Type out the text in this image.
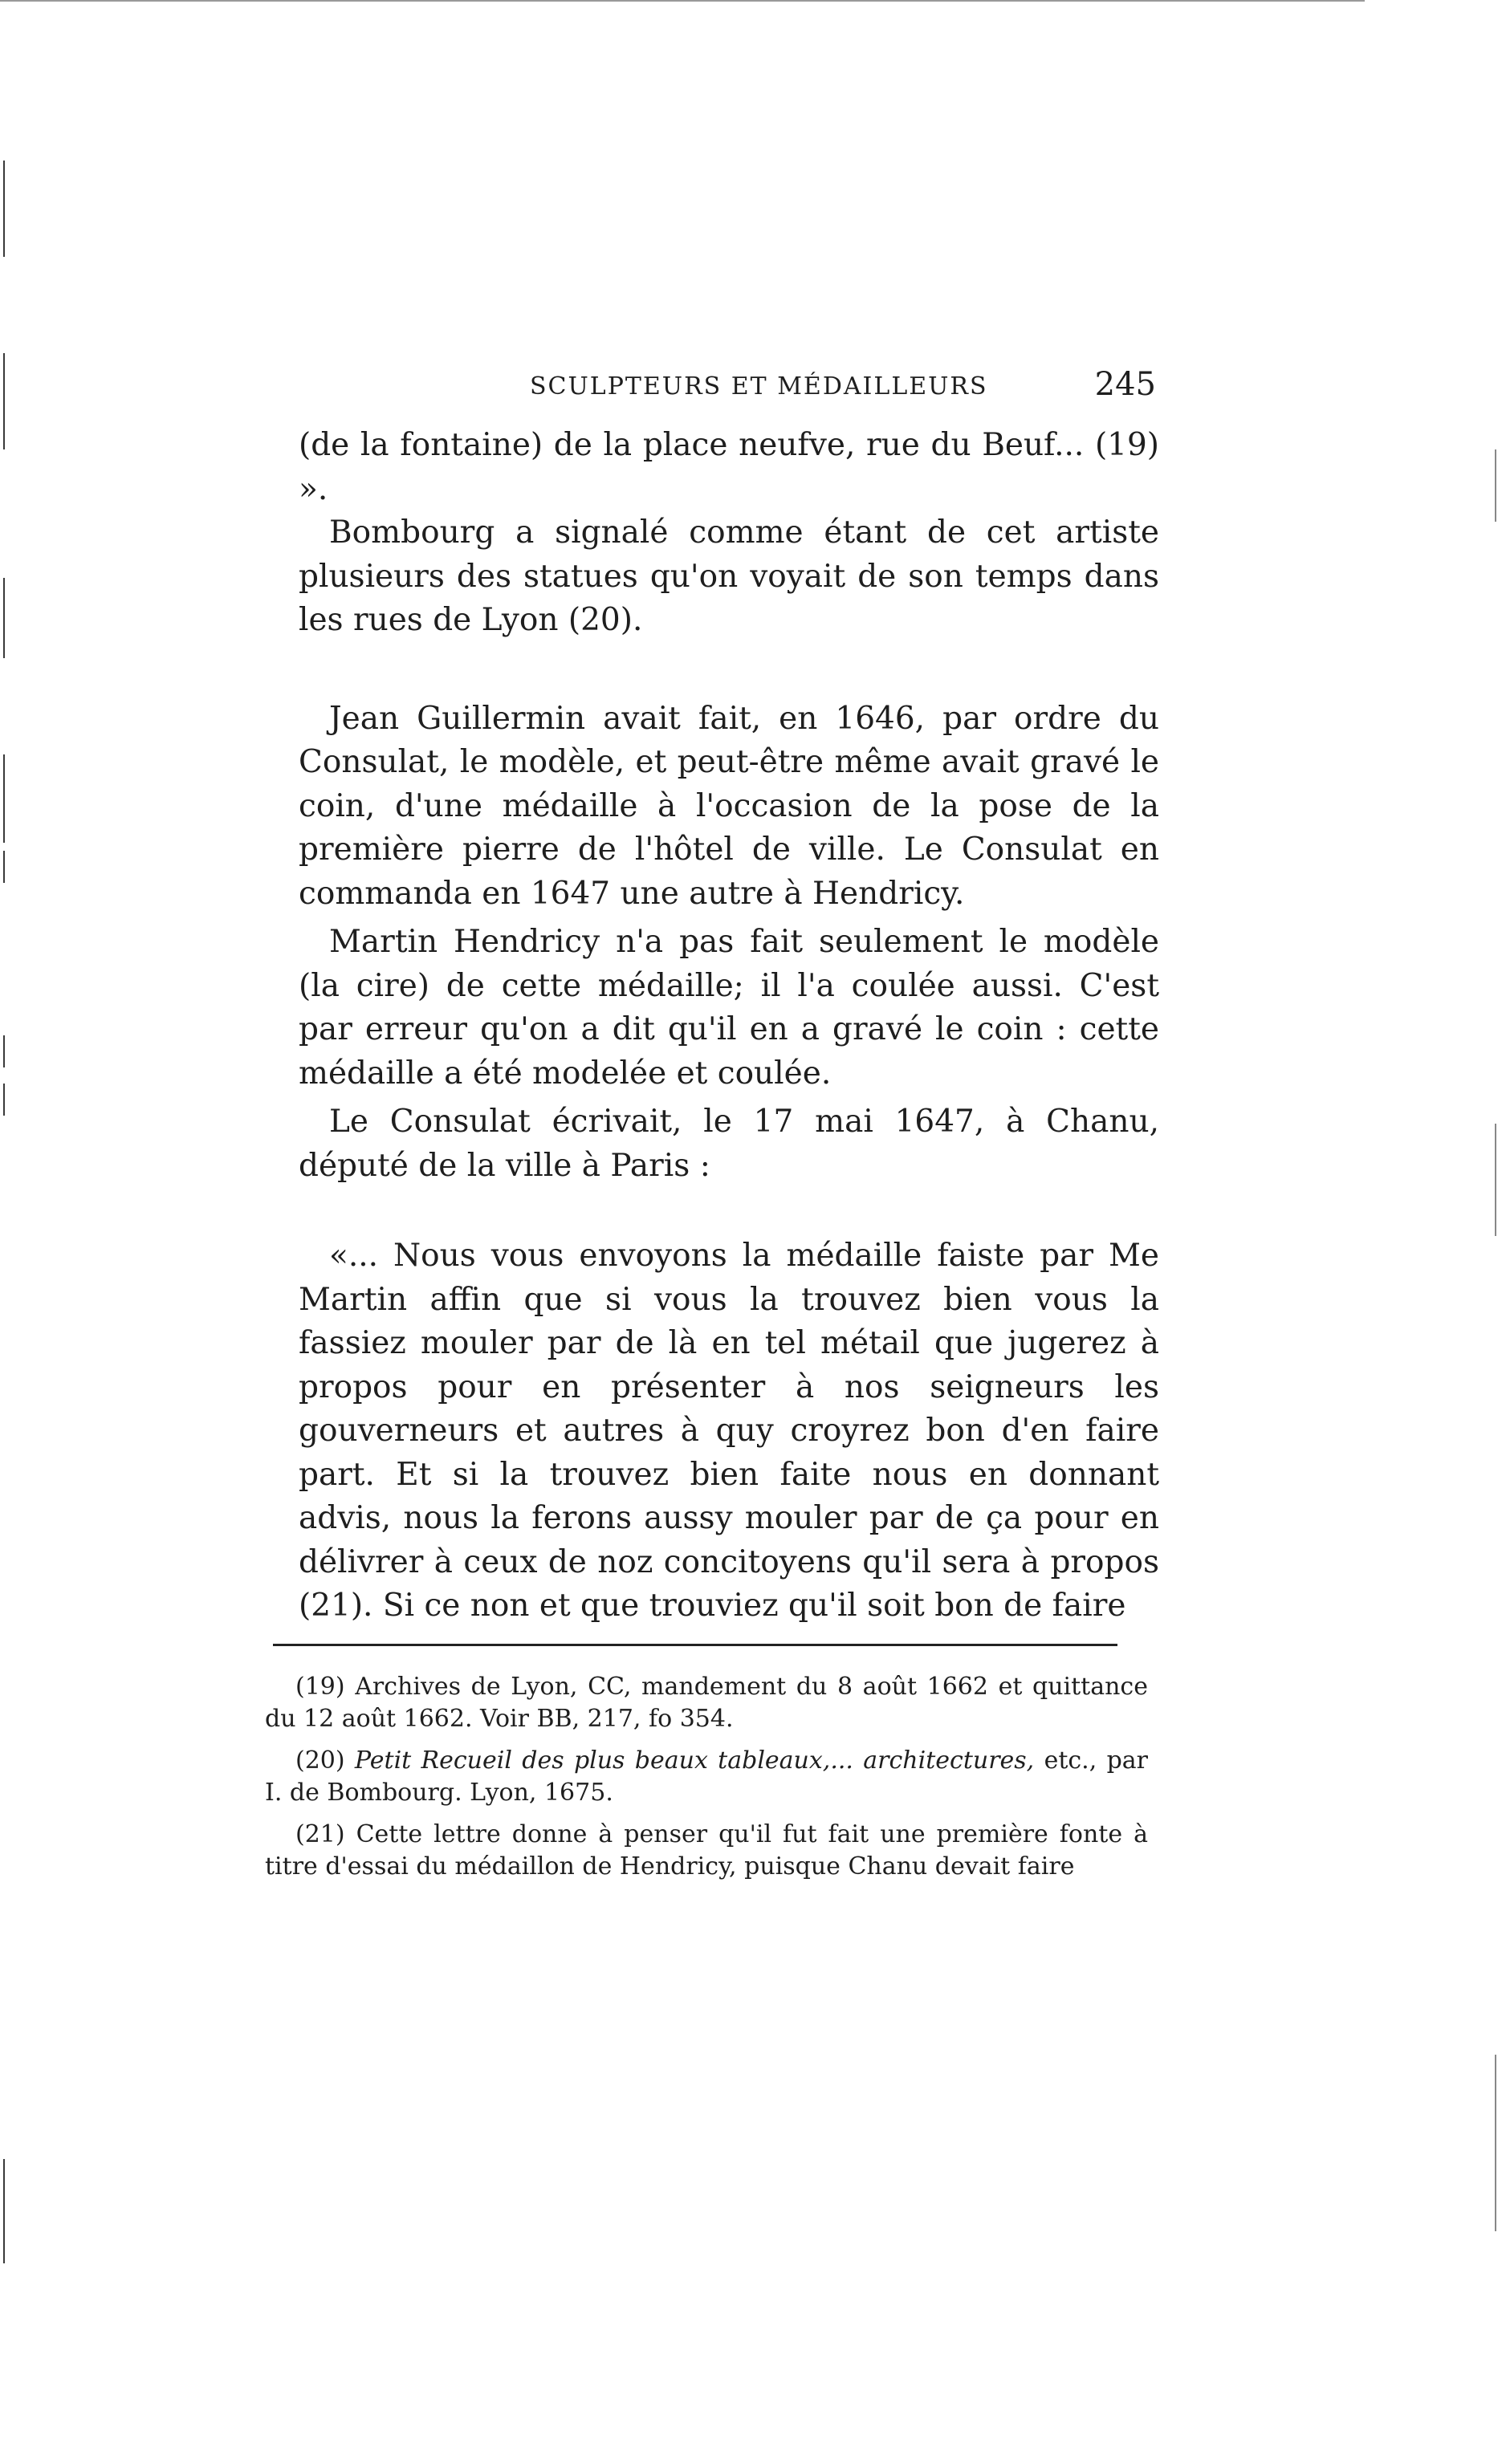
SCULPTEURS ET MÉDAILLEURS	245

(de la fontaine) de la place neufve, rue du Beuf... (19) ».

Bombourg a signalé comme étant de cet artiste plusieurs des statues qu'on voyait de son temps dans les rues de Lyon (20).

Jean Guillermin avait fait, en 1646, par ordre du Consulat, le modèle, et peut-être même avait gravé le coin, d'une médaille à l'occasion de la pose de la première pierre de l'hôtel de ville. Le Consulat en commanda en 1647 une autre à Hendricy.

Martin Hendricy n'a pas fait seulement le modèle (la cire) de cette médaille; il l'a coulée aussi. C'est par erreur qu'on a dit qu'il en a gravé le coin : cette médaille a été modelée et coulée.

Le Consulat écrivait, le 17 mai 1647, à Chanu, député de la ville à Paris :

«... Nous vous envoyons la médaille faiste par Me Martin affin que si vous la trouvez bien vous la fassiez mouler par de là en tel métail que jugerez à propos pour en présenter à nos seigneurs les gouverneurs et autres à quy croyrez bon d'en faire part. Et si la trouvez bien faite nous en donnant advis, nous la ferons aussy mouler par de ça pour en délivrer à ceux de noz concitoyens qu'il sera à propos (21). Si ce non et que trouviez qu'il soit bon de faire

(19) Archives de Lyon, CC, mandement du 8 août 1662 et quittance du 12 août 1662. Voir BB, 217, fo 354.

(20) Petit Recueil des plus beaux tableaux,... architectures, etc., par I. de Bombourg. Lyon, 1675.

(21) Cette lettre donne à penser qu'il fut fait une première fonte à titre d'essai du médaillon de Hendricy, puisque Chanu devait faire
